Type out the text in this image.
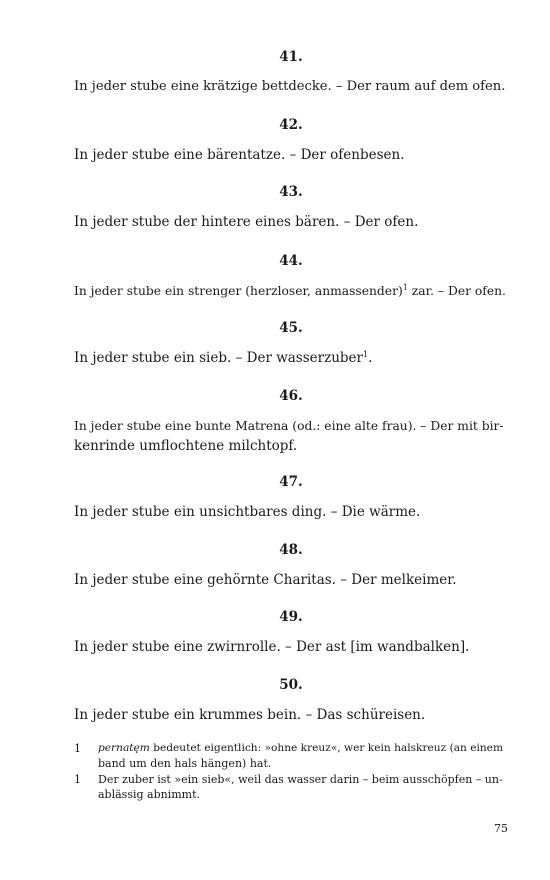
41.
In jeder stube eine krätzige bettdecke. – Der raum auf dem ofen.
42.
In jeder stube eine bärentatze. – Der ofenbesen.
43.
In jeder stube der hintere eines bären. – Der ofen.
44.
In jeder stube ein strenger (herzloser, anmassender)$^1$ zar. – Der ofen.
45.
In jeder stube ein sieb. – Der wasserzuber$^1$.
46.
In jeder stube eine bunte Matrena (od.: eine alte frau). – Der mit bir-
kenrinde umflochtene milchtopf.
47.
In jeder stube ein unsichtbares ding. – Die wärme.
48.
In jeder stube eine gehörnte Charitas. – Der melkeimer.
49.
In jeder stube eine zwirnrolle. – Der ast [im wandbalken].
50.
In jeder stube ein krummes bein. – Das schüreisen.
1 pernatęm bedeutet eigentlich: »ohne kreuz«, wer kein halskreuz (an einem
band um den hals hängen) hat.
1 Der zuber ist »ein sieb«, weil das wasser darin – beim ausschöpfen – un-
ablässig abnimmt.
75
